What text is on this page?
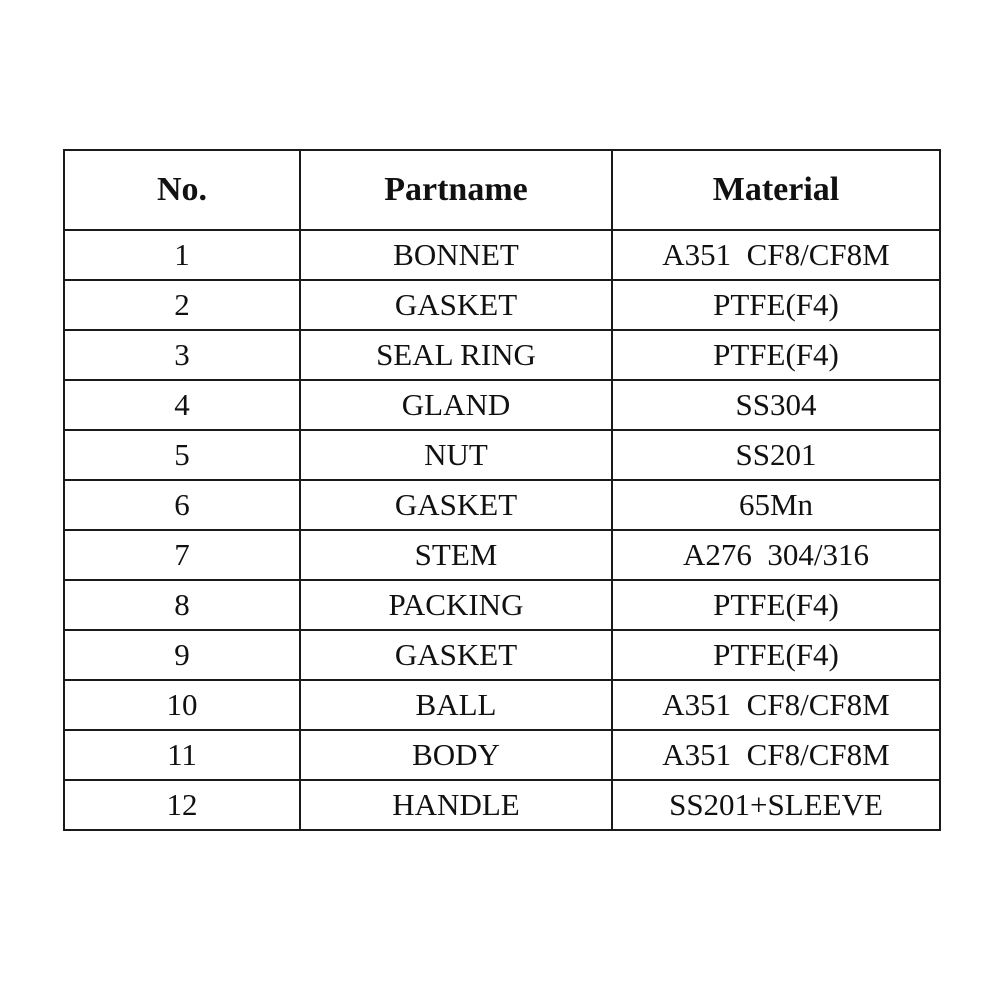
No.	Partname	Material
1	BONNET	A351  CF8/CF8M
2	GASKET	PTFE(F4)
3	SEAL RING	PTFE(F4)
4	GLAND	SS304
5	NUT	SS201
6	GASKET	65Mn
7	STEM	A276  304/316
8	PACKING	PTFE(F4)
9	GASKET	PTFE(F4)
10	BALL	A351  CF8/CF8M
11	BODY	A351  CF8/CF8M
12	HANDLE	SS201+SLEEVE
